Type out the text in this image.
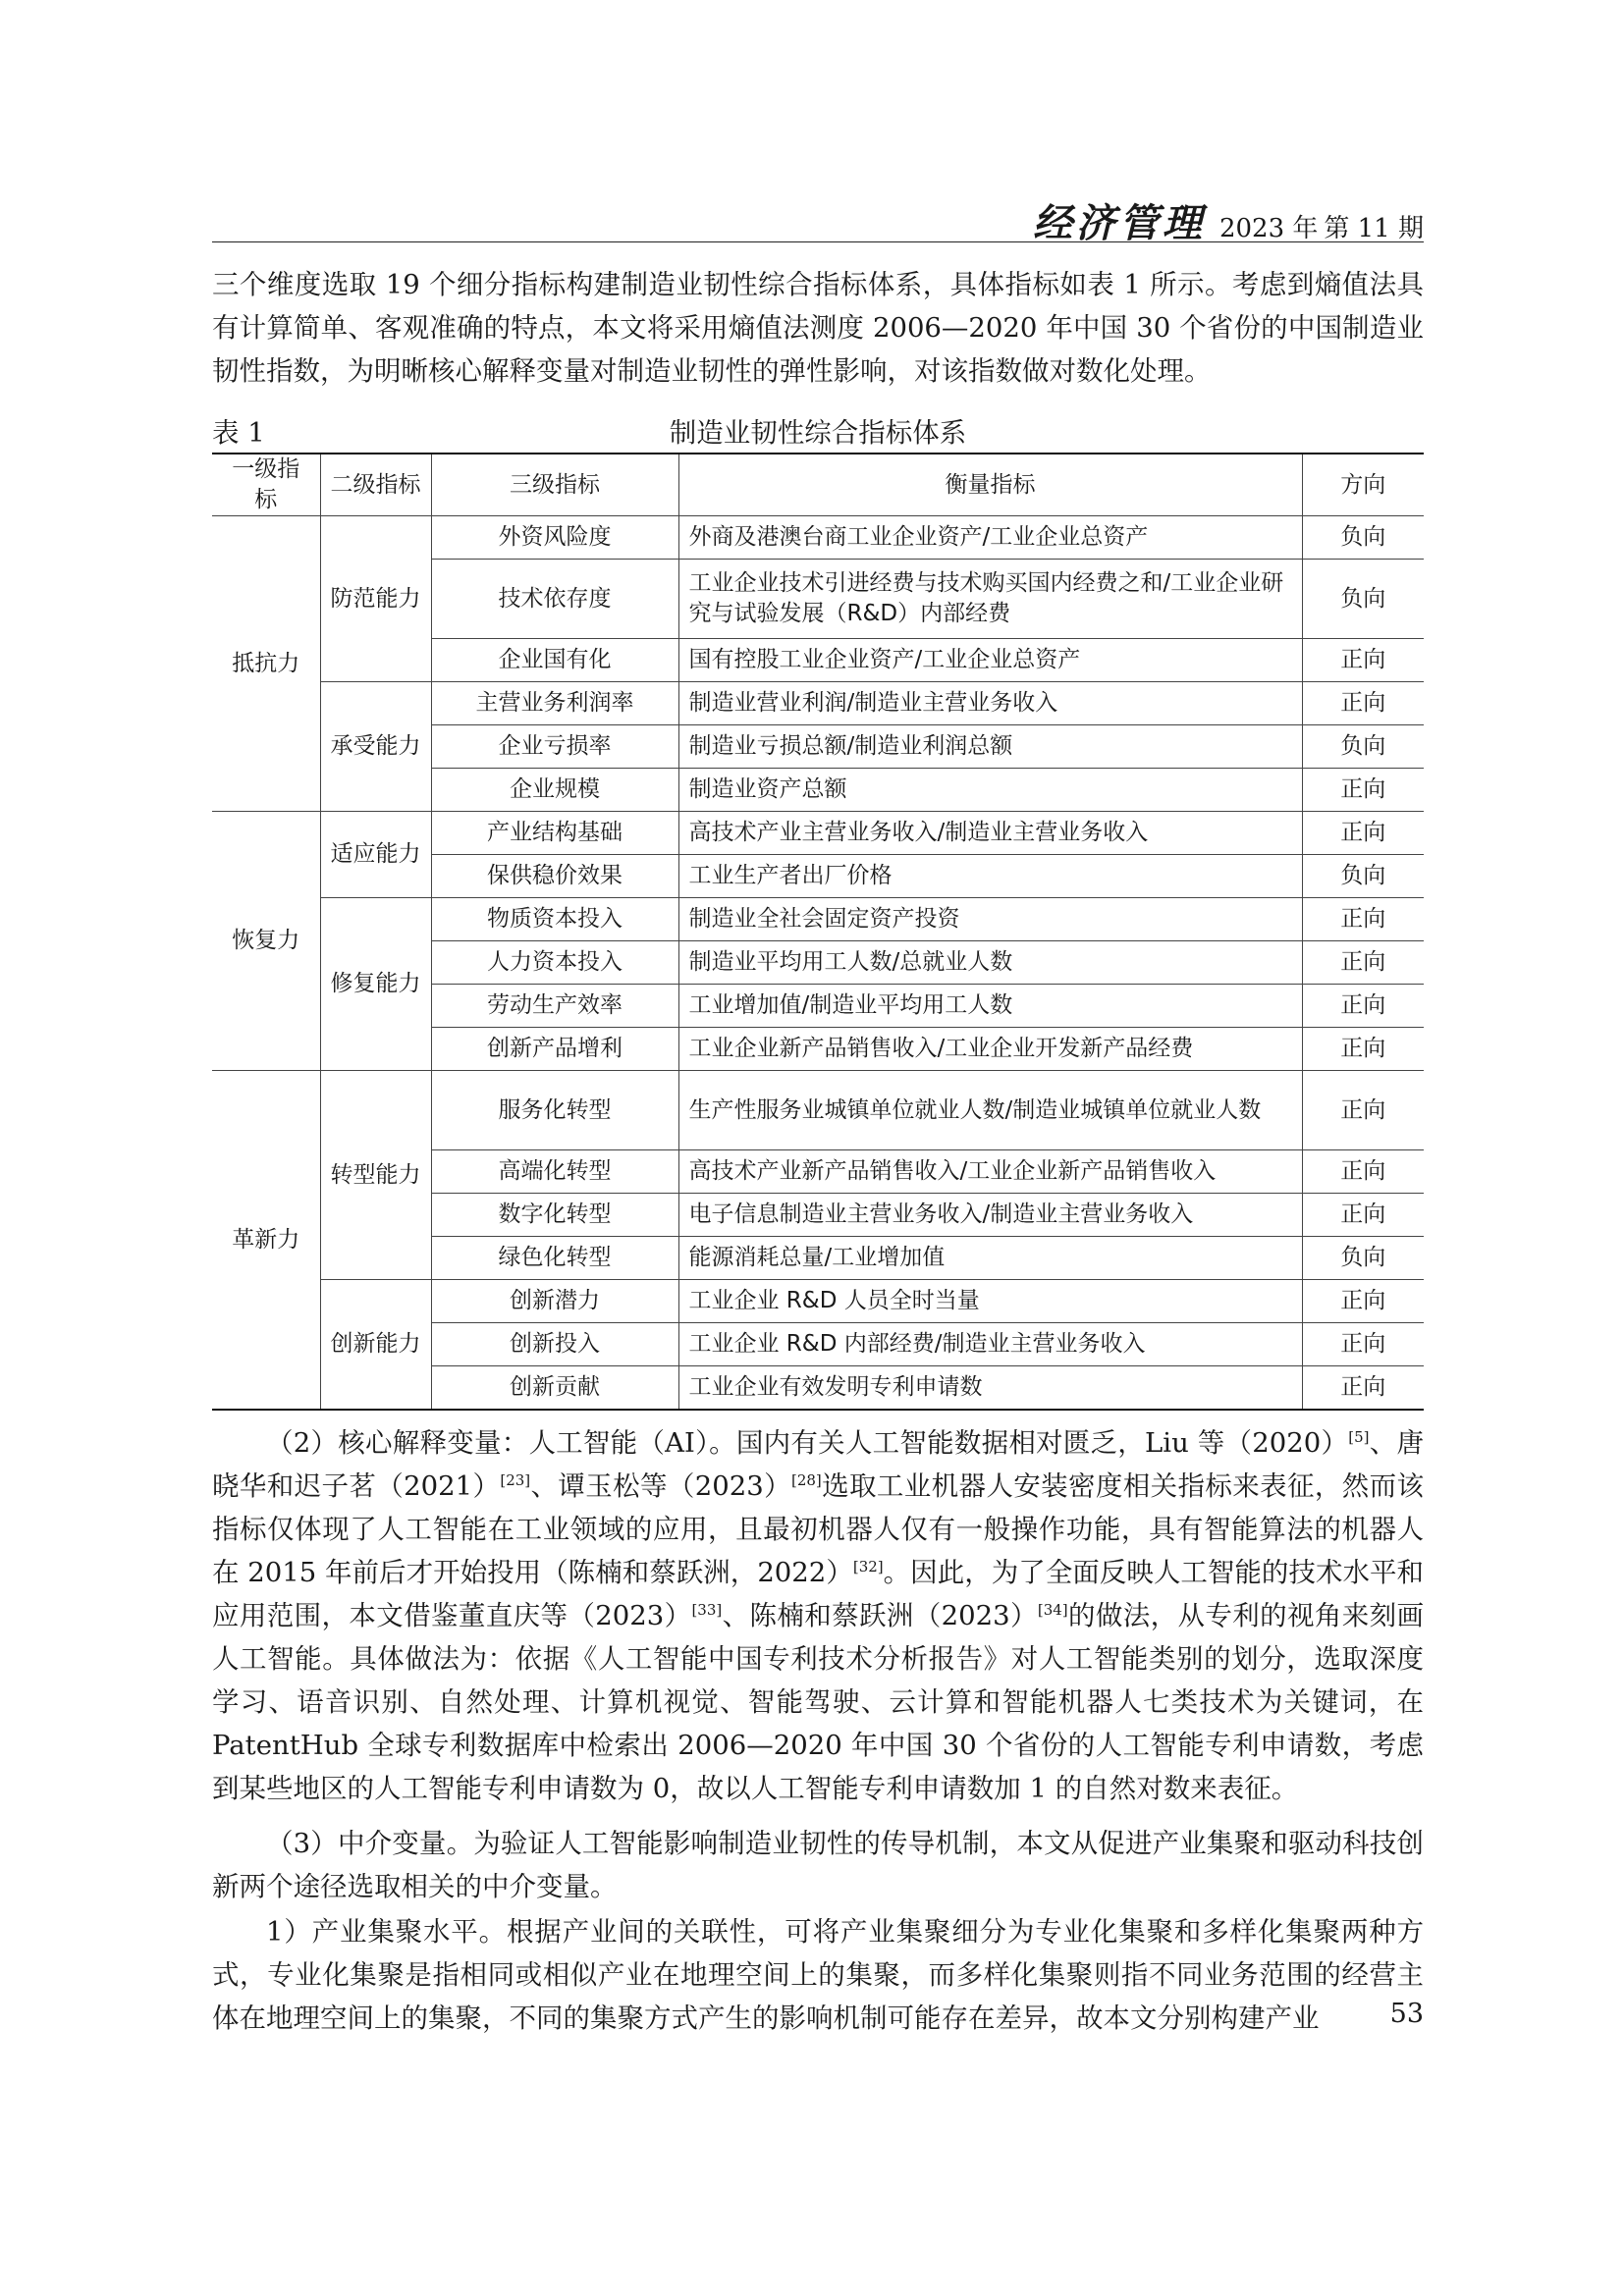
经济管理 2023 年 第 11 期

三个维度选取 19 个细分指标构建制造业韧性综合指标体系，具体指标如表 1 所示。考虑到熵值法具有计算简单、客观准确的特点，本文将采用熵值法测度 2006—2020 年中国 30 个省份的中国制造业韧性指数，为明晰核心解释变量对制造业韧性的弹性影响，对该指数做对数化处理。

表 1	制造业韧性综合指标体系
一级指标	二级指标	三级指标	衡量指标	方向
抵抗力	防范能力	外资风险度	外商及港澳台商工业企业资产/工业企业总资产	负向
		技术依存度	工业企业技术引进经费与技术购买国内经费之和/工业企业研究与试验发展（R&D）内部经费	负向
		企业国有化	国有控股工业企业资产/工业企业总资产	正向
	承受能力	主营业务利润率	制造业营业利润/制造业主营业务收入	正向
		企业亏损率	制造业亏损总额/制造业利润总额	负向
		企业规模	制造业资产总额	正向
恢复力	适应能力	产业结构基础	高技术产业主营业务收入/制造业主营业务收入	正向
		保供稳价效果	工业生产者出厂价格	负向
	修复能力	物质资本投入	制造业全社会固定资产投资	正向
		人力资本投入	制造业平均用工人数/总就业人数	正向
		劳动生产效率	工业增加值/制造业平均用工人数	正向
		创新产品增利	工业企业新产品销售收入/工业企业开发新产品经费	正向
革新力	转型能力	服务化转型	生产性服务业城镇单位就业人数/制造业城镇单位就业人数	正向
		高端化转型	高技术产业新产品销售收入/工业企业新产品销售收入	正向
		数字化转型	电子信息制造业主营业务收入/制造业主营业务收入	正向
		绿色化转型	能源消耗总量/工业增加值	负向
	创新能力	创新潜力	工业企业 R&D 人员全时当量	正向
		创新投入	工业企业 R&D 内部经费/制造业主营业务收入	正向
		创新贡献	工业企业有效发明专利申请数	正向

（2）核心解释变量：人工智能（AI）。国内有关人工智能数据相对匮乏，Liu 等（2020）[5]、唐晓华和迟子茗（2021）[23]、谭玉松等（2023）[28]选取工业机器人安装密度相关指标来表征，然而该指标仅体现了人工智能在工业领域的应用，且最初机器人仅有一般操作功能，具有智能算法的机器人在 2015 年前后才开始投用（陈楠和蔡跃洲，2022）[32]。因此，为了全面反映人工智能的技术水平和应用范围，本文借鉴董直庆等（2023）[33]、陈楠和蔡跃洲（2023）[34]的做法，从专利的视角来刻画人工智能。具体做法为：依据《人工智能中国专利技术分析报告》对人工智能类别的划分，选取深度学习、语音识别、自然处理、计算机视觉、智能驾驶、云计算和智能机器人七类技术为关键词，在 PatentHub 全球专利数据库中检索出 2006—2020 年中国 30 个省份的人工智能专利申请数，考虑到某些地区的人工智能专利申请数为 0，故以人工智能专利申请数加 1 的自然对数来表征。

（3）中介变量。为验证人工智能影响制造业韧性的传导机制，本文从促进产业集聚和驱动科技创新两个途径选取相关的中介变量。

1）产业集聚水平。根据产业间的关联性，可将产业集聚细分为专业化集聚和多样化集聚两种方式，专业化集聚是指相同或相似产业在地理空间上的集聚，而多样化集聚则指不同业务范围的经营主体在地理空间上的集聚，不同的集聚方式产生的影响机制可能存在差异，故本文分别构建产业	53
